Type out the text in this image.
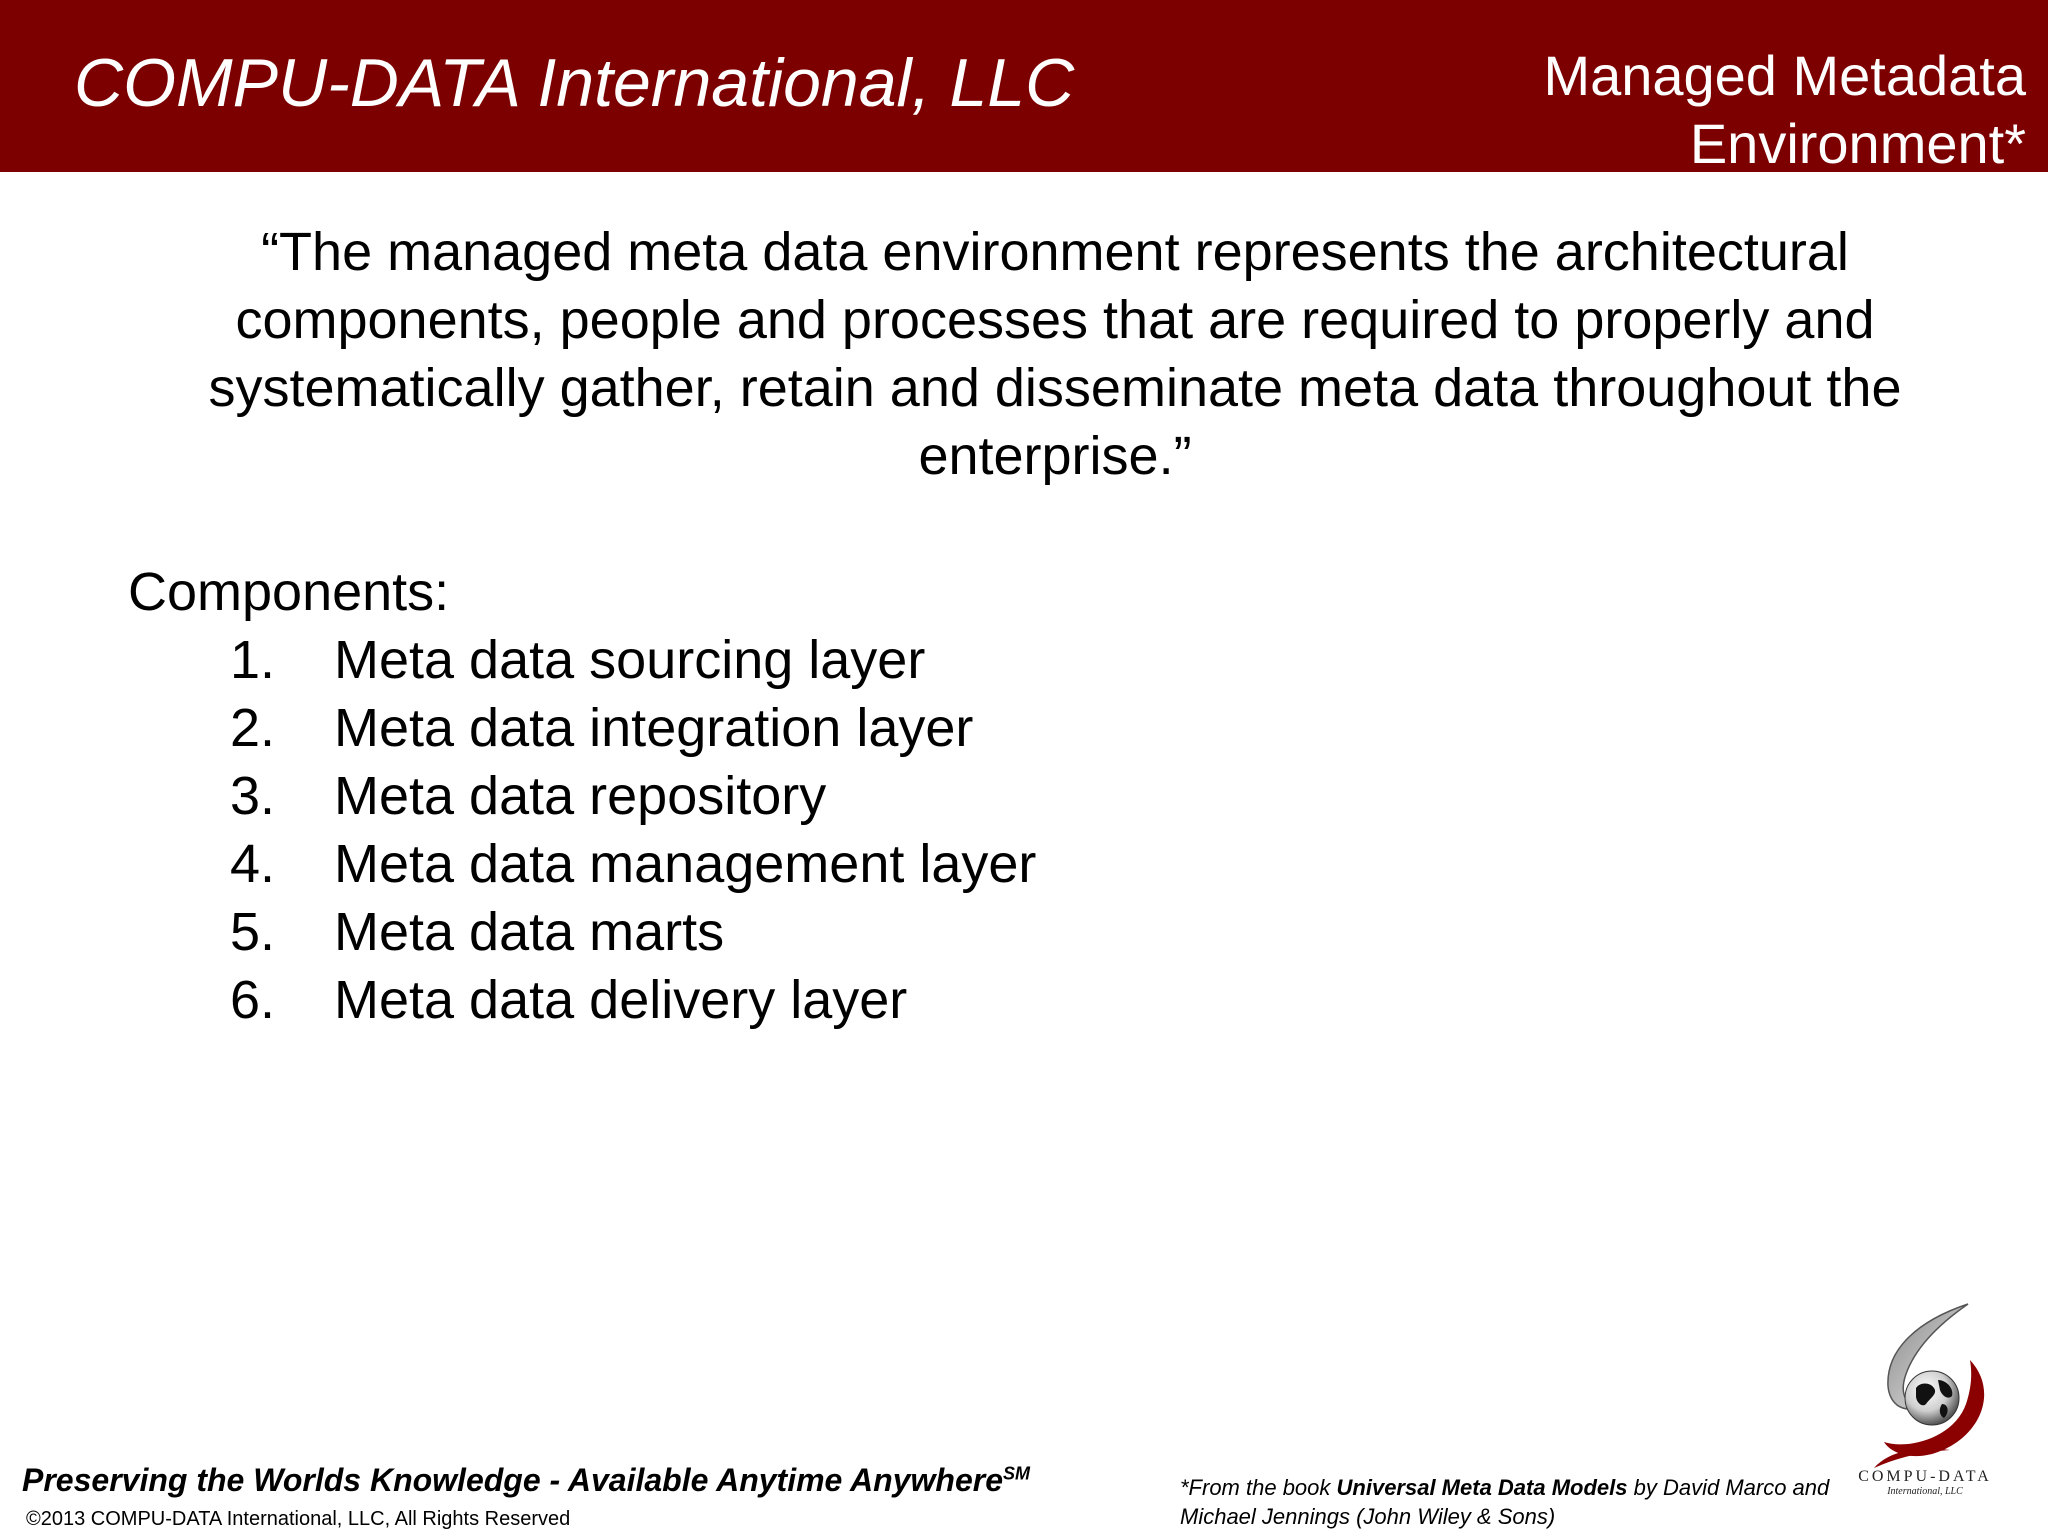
COMPU-DATA International, LLC	Managed Metadata
Environment*
“The managed meta data environment represents the architectural
components, people and processes that are required to properly and
systematically gather, retain and disseminate meta data throughout the
enterprise.”
Components:
1. Meta data sourcing layer
2. Meta data integration layer
3. Meta data repository
4. Meta data management layer
5. Meta data marts
6. Meta data delivery layer
Preserving the Worlds Knowledge - Available Anytime Anywhere℠
©2013 COMPU-DATA International, LLC, All Rights Reserved
*From the book Universal Meta Data Models by David Marco and Michael Jennings (John Wiley & Sons)
COMPU-DATA
International, LLC
